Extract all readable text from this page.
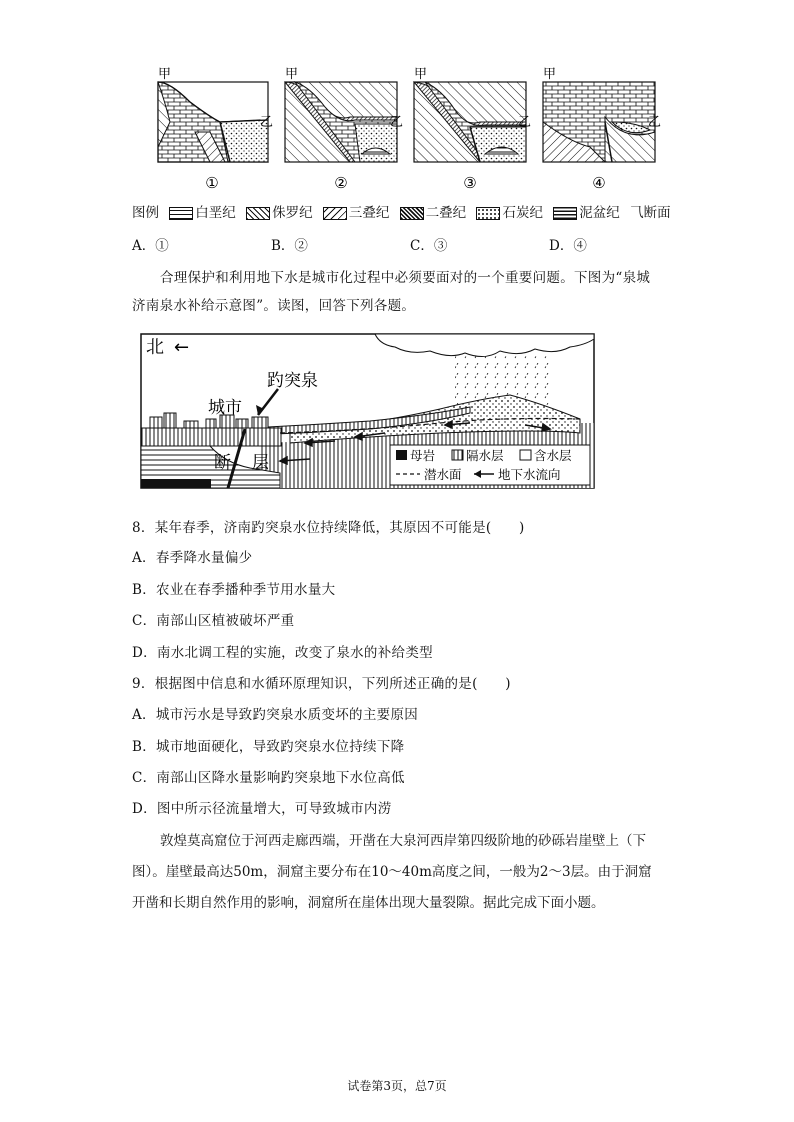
甲
乙
甲
乙
甲
乙
甲
乙
①	②	③	④
图例	白垩纪	侏罗纪	三叠纪	二叠纪	石炭纪	泥盆纪 ⺄断面
A．①	B．②	C．③	D．④
合理保护和利用地下水是城市化过程中必须要面对的一个重要问题。下图为“泉城
济南泉水补给示意图”。读图，回答下列各题。
北 ←
趵突泉
城市
断 层	母岩 隔水层 含水层
潜水面	地下水流向
8．某年春季，济南趵突泉水位持续降低，其原因不可能是(　　)
A．春季降水量偏少
B．农业在春季播种季节用水量大
C．南部山区植被破坏严重
D．南水北调工程的实施，改变了泉水的补给类型
9．根据图中信息和水循环原理知识，下列所述正确的是(　　)
A．城市污水是导致趵突泉水质变坏的主要原因
B．城市地面硬化，导致趵突泉水位持续下降
C．南部山区降水量影响趵突泉地下水位高低
D．图中所示径流量增大，可导致城市内涝
敦煌莫高窟位于河西走廊西端，开凿在大泉河西岸第四级阶地的砂砾岩崖壁上（下
图）。崖壁最高达50m，洞窟主要分布在10～40m高度之间，一般为2～3层。由于洞窟
开凿和长期自然作用的影响，洞窟所在崖体出现大量裂隙。据此完成下面小题。
试卷第3页，总7页
